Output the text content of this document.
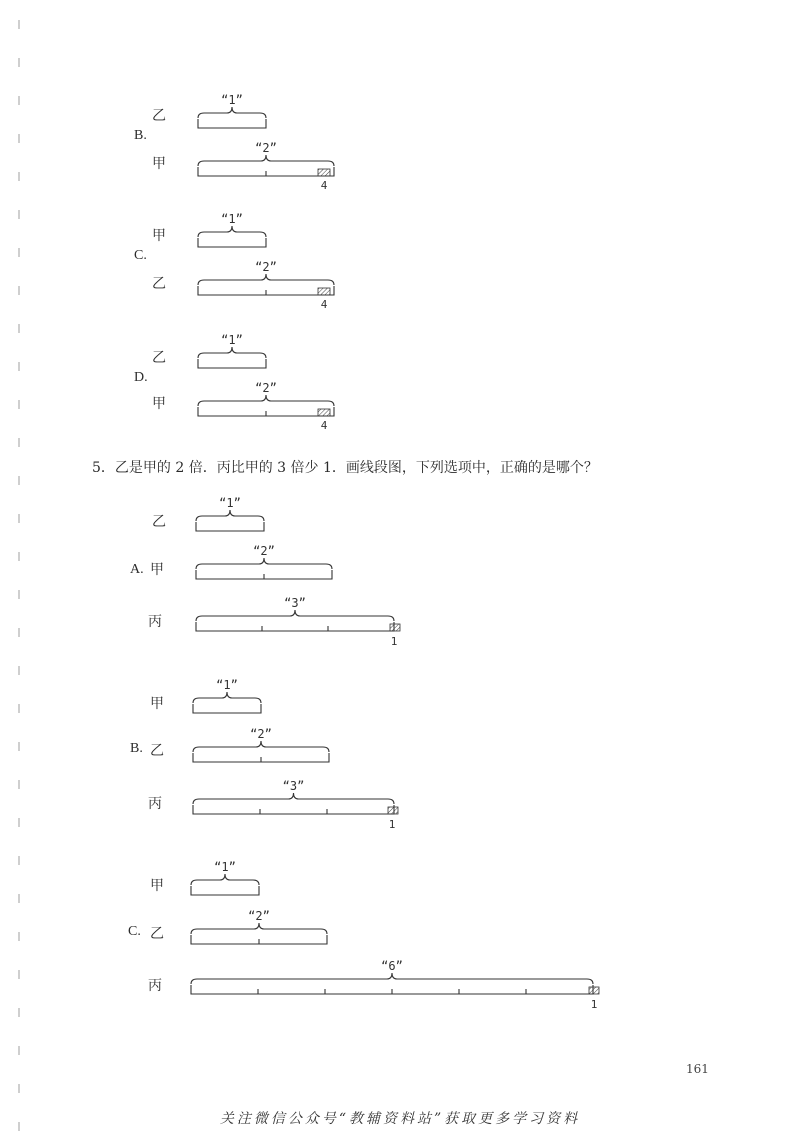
B.
乙
甲
C.
甲
乙
D.
乙
甲
5．乙是甲的 2 倍．丙比甲的 3 倍少 1．画线段图，下列选项中，正确的是哪个？
乙
A. 甲
丙
甲
B. 乙
丙
甲
C. 乙
丙
161
关注微信公众号“教辅资料站”获取更多学习资料
“1”
“2”
4
“1”
“2”
4
“1”
“2”
4
“1”
“2”
“3”
1
“1”
“2”
“3”
1
“1”
“2”
“6”
1
